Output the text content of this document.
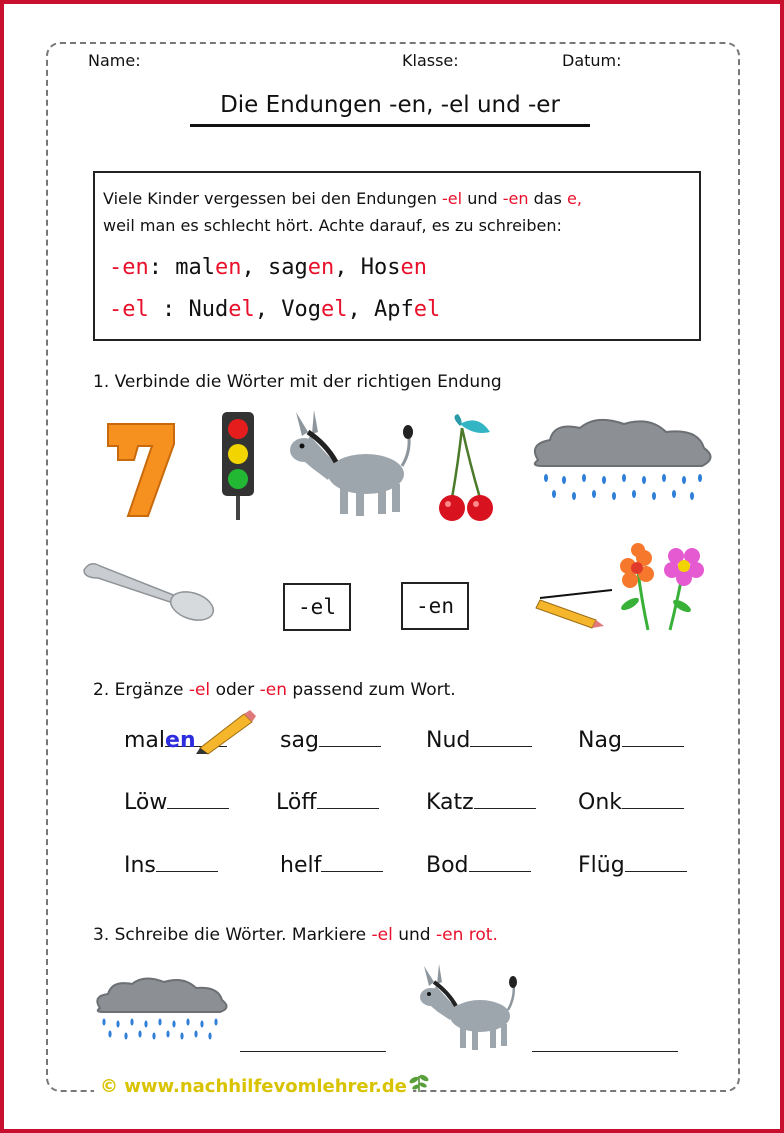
Name:	Klasse:	Datum:
Die Endungen -en, -el und -er
Viele Kinder vergessen bei den Endungen -el und -en das e,
weil man es schlecht hört. Achte darauf, es zu schreiben:
-en: malen, sagen, Hosen
-el : Nudel, Vogel, Apfel
1. Verbinde die Wörter mit der richtigen Endung
-el	-en
2. Ergänze -el oder -en passend zum Wort.
malen	sag	Nud	Nag
Löw	Löff	Katz	Onk
Ins	helf	Bod	Flüg
3. Schreibe die Wörter. Markiere -el und -en rot.
© www.nachhilfevomlehrer.de
